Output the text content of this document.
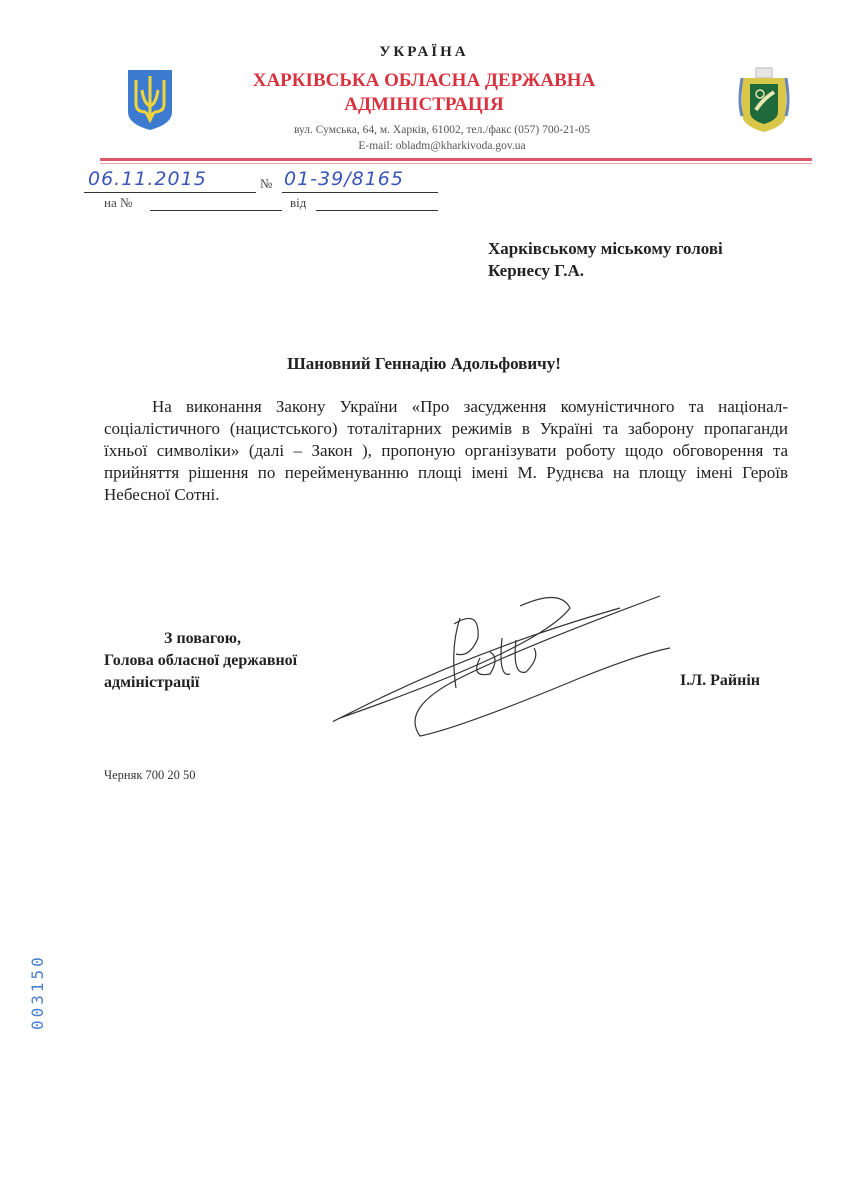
УКРАЇНА
ХАРКІВСЬКА ОБЛАСНА ДЕРЖАВНА
АДМІНІСТРАЦІЯ
вул. Сумська, 64, м. Харків, 61002, тел./факс (057) 700-21-05
E-mail: obladm@kharkivoda.gov.ua
06.11.2015	№ 01-39/8165
на №	від
Харківському міському голові
Кернесу Г.А.
Шановний Геннадію Адольфовичу!

На виконання Закону України «Про засудження комуністичного та націонал-соціалістичного (нацистського) тоталітарних режимів в Україні та заборону пропаганди їхньої символіки» (далі – Закон ), пропоную організувати роботу щодо обговорення та прийняття рішення по перейменуванню площі імені М. Руднєва на площу імені Героїв Небесної Сотні.

З повагою,
Голова обласної державної
адміністрації	І.Л. Райнін
Черняк 700 20 50
003150
